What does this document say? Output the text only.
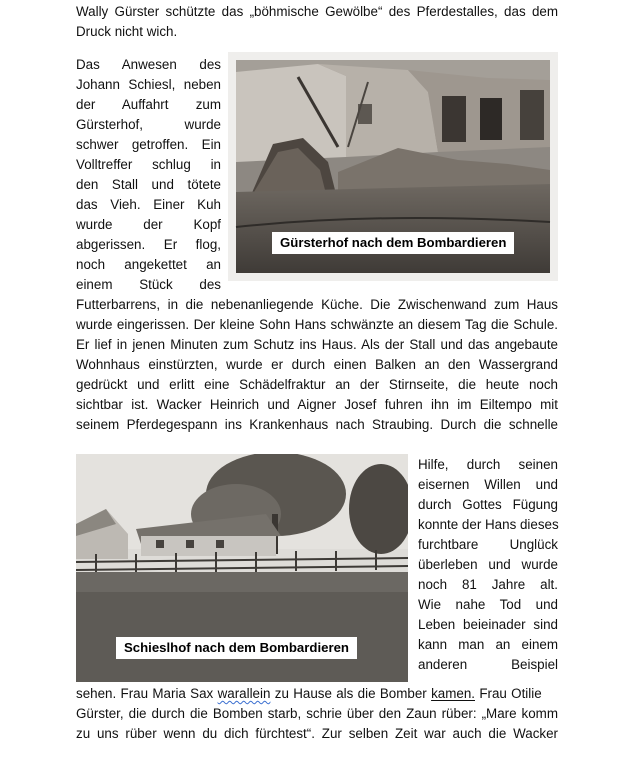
Wally Gürster schützte das „böhmische Gewölbe“ des Pferdestalles, das dem
Druck nicht wich.
Das Anwesen des
Johann Schiesl, neben
der Auffahrt zum
Gürsterhof, wurde
schwer getroffen. Ein
Volltreffer schlug in
den Stall und tötete
das Vieh. Einer Kuh
wurde der Kopf
abgerissen. Er flog,
noch angekettet an
einem Stück des
Gürsterhof nach dem Bombardieren
Futterbarrens, in die nebenanliegende Küche. Die Zwischenwand zum Haus
wurde eingerissen. Der kleine Sohn Hans schwänzte an diesem Tag die Schule.
Er lief in jenen Minuten zum Schutz ins Haus. Als der Stall und das angebaute
Wohnhaus einstürzten, wurde er durch einen Balken an den Wassergrand
gedrückt und erlitt eine Schädelfraktur an der Stirnseite, die heute noch
sichtbar ist. Wacker Heinrich und Aigner Josef fuhren ihn im Eiltempo mit
seinem Pferdegespann ins Krankenhaus nach Straubing. Durch die schnelle
Schieslhof nach dem Bombardieren
Hilfe, durch seinen
eisernen Willen und
durch Gottes Fügung
konnte der Hans dieses
furchtbare Unglück
überleben und wurde
noch 81 Jahre alt.
Wie nahe Tod und
Leben beieinader sind
kann man an einem
anderen Beispiel
sehen. Frau Maria Sax warallein zu Hause als die Bomber kamen. Frau Otilie
Gürster, die durch die Bomben starb, schrie über den Zaun rüber: „Mare komm
zu uns rüber wenn du dich fürchtest“. Zur selben Zeit war auch die Wacker
